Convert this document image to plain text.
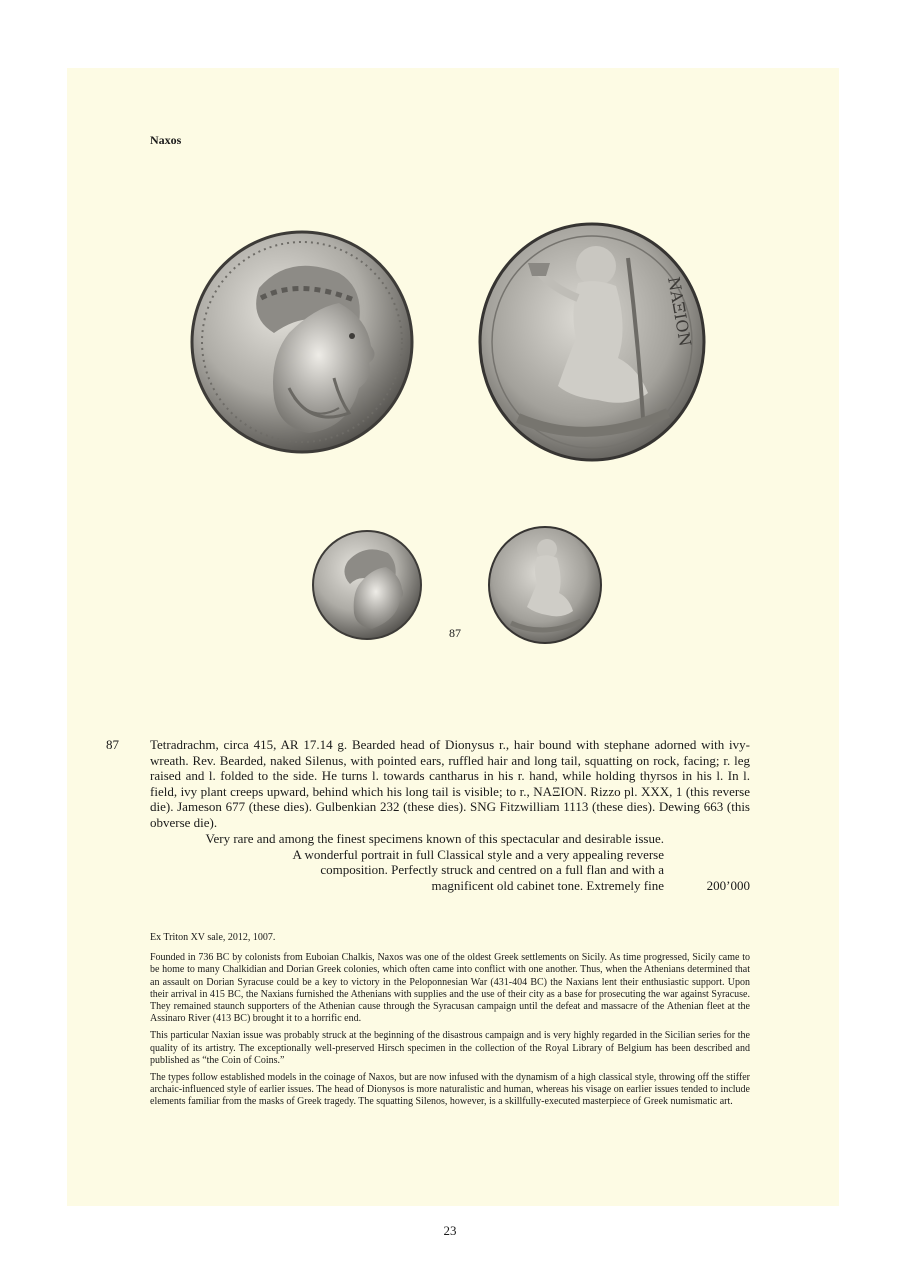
Naxos
ΝΑΞΙΟΝ
87
87 Tetradrachm, circa 415, AR 17.14 g. Bearded head of Dionysus r., hair bound with stephane adorned with ivy-wreath. Rev. Bearded, naked Silenus, with pointed ears, ruffled hair and long tail, squatting on rock, facing; r. leg raised and l. folded to the side. He turns l. towards cantharus in his r. hand, while holding thyrsos in his l. In l. field, ivy plant creeps upward, behind which his long tail is visible; to r., ΝΑΞΙΟΝ. Rizzo pl. XXX, 1 (this reverse die). Jameson 677 (these dies). Gulbenkian 232 (these dies). SNG Fitzwilliam 1113 (these dies). Dewing 663 (this obverse die).

Very rare and among the finest specimens known of this spectacular and desirable issue.
A wonderful portrait in full Classical style and a very appealing reverse
composition. Perfectly struck and centred on a full flan and with a
magnificent old cabinet tone. Extremely fine	200’000

Ex Triton XV sale, 2012, 1007.

Founded in 736 BC by colonists from Euboian Chalkis, Naxos was one of the oldest Greek settlements on Sicily. As time progressed, Sicily came to be home to many Chalkidian and Dorian Greek colonies, which often came into conflict with one another. Thus, when the Athenians determined that an assault on Dorian Syracuse could be a key to victory in the Peloponnesian War (431-404 BC) the Naxians lent their enthusiastic support. Upon their arrival in 415 BC, the Naxians furnished the Athenians with supplies and the use of their city as a base for prosecuting the war against Syracuse. They remained staunch supporters of the Athenian cause through the Syracusan campaign until the defeat and massacre of the Athenian fleet at the Assinaro River (413 BC) brought it to a horrific end.

This particular Naxian issue was probably struck at the beginning of the disastrous campaign and is very highly regarded in the Sicilian series for the quality of its artistry. The exceptionally well-preserved Hirsch specimen in the collection of the Royal Library of Belgium has been described and published as “the Coin of Coins.”

The types follow established models in the coinage of Naxos, but are now infused with the dynamism of a high classical style, throwing off the stiffer archaic-influenced style of earlier issues. The head of Dionysos is more naturalistic and human, whereas his visage on earlier issues tended to include elements familiar from the masks of Greek tragedy. The squatting Silenos, however, is a skillfully-executed masterpiece of Greek numismatic art.

23
